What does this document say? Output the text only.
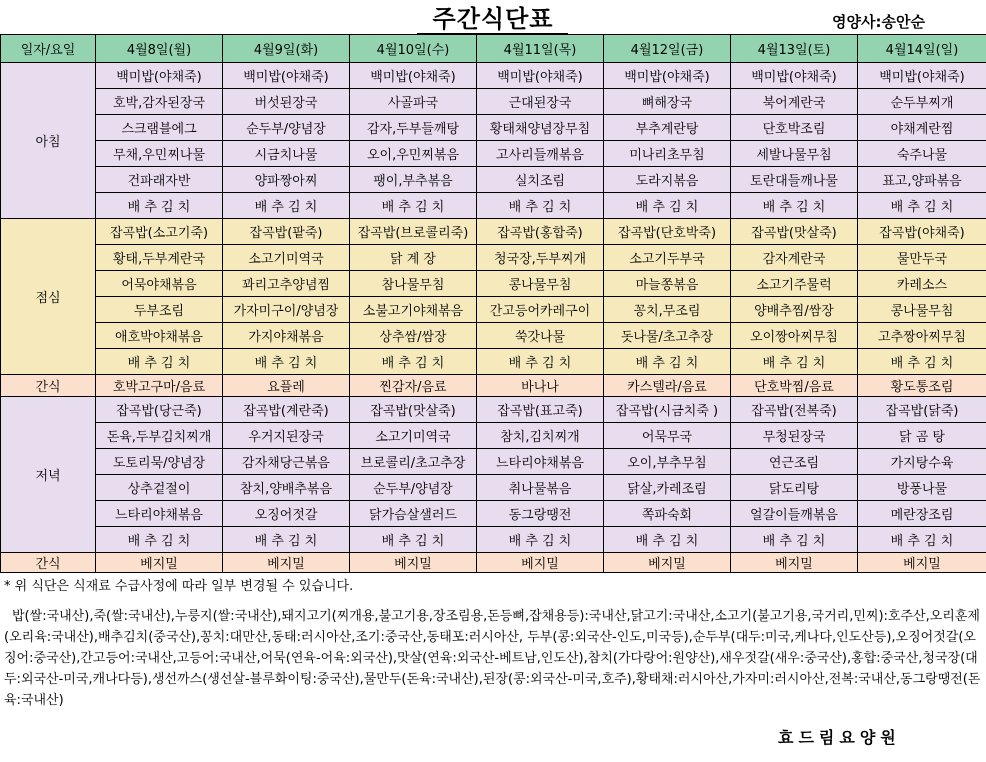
주간식단표	영양사:송안순
일자/요일	4월8일(월)	4월9일(화)	4월10일(수)	4월11일(목)	4월12일(금)	4월13일(토)	4월14일(일)
아침	백미밥(야채죽)	백미밥(야채죽)	백미밥(야채죽)	백미밥(야채죽)	백미밥(야채죽)	백미밥(야채죽)	백미밥(야채죽)
	호박,감자된장국	버섯된장국	사골파국	근대된장국	뼈해장국	북어계란국	순두부찌개
	스크램블에그	순두부/양념장	감자,두부들깨탕	황태채양념장무침	부추계란탕	단호박조림	야채계란찜
	무채,우민찌나물	시금치나물	오이,우민찌볶음	고사리들깨볶음	미나리초무침	세발나물무침	숙주나물
	건파래자반	양파짱아찌	팽이,부추볶음	실치조림	도라지볶음	토란대들깨나물	표고,양파볶음
	배 추 김 치	배 추 김 치	배 추 김 치	배 추 김 치	배 추 김 치	배 추 김 치	배 추 김 치
점심	잡곡밥(소고기죽)	잡곡밥(팥죽)	잡곡밥(브로콜리죽)	잡곡밥(홍합죽)	잡곡밥(단호박죽)	잡곡밥(맛살죽)	잡곡밥(야채죽)
	황태,두부계란국	소고기미역국	닭 계 장	청국장,두부찌개	소고기두부국	감자계란국	물만두국
	어묵야채볶음	꽈리고추양념찜	참나물무침	콩나물무침	마늘쫑볶음	소고기주물럭	카레소스
	두부조림	가자미구이/양념장	소불고기야채볶음	간고등어카레구이	꽁치,무조림	양배추찜/쌈장	콩나물무침
	애호박야채볶음	가지야채볶음	상추쌈/쌈장	쑥갓나물	돗나물/초고추장	오이짱아찌무침	고추짱아찌무침
	배 추 김 치	배 추 김 치	배 추 김 치	배 추 김 치	배 추 김 치	배 추 김 치	배 추 김 치
간식	호박고구마/음료	요플레	찐감자/음료	바나나	카스텔라/음료	단호박찜/음료	황도통조림
저녁	잡곡밥(당근죽)	잡곡밥(계란죽)	잡곡밥(맛살죽)	잡곡밥(표고죽)	잡곡밥(시금치죽 )	잡곡밥(전복죽)	잡곡밥(닭죽)
	돈육,두부김치찌개	우거지된장국	소고기미역국	참치,김치찌개	어묵무국	무청된장국	닭 곰 탕
	도토리묵/양념장	감자채당근볶음	브로콜리/초고추장	느타리야채볶음	오이,부추무침	연근조림	가지탕수육
	상추겉절이	참치,양배추볶음	순두부/양념장	취나물볶음	닭살,카레조림	닭도리탕	방풍나물
	느타리야채볶음	오징어젓갈	닭가슴살샐러드	동그랑땡전	쪽파숙회	얼갈이들깨볶음	메란장조림
	배 추 김 치	배 추 김 치	배 추 김 치	배 추 김 치	배 추 김 치	배 추 김 치	배 추 김 치
간식	베지밀	베지밀	베지밀	베지밀	베지밀	베지밀	베지밀
* 위 식단은 식재료 수급사정에 따라 일부 변경될 수 있습니다.
밥(쌀:국내산),죽(쌀:국내산),누룽지(쌀:국내산),돼지고기(찌개용,불고기용,장조림용,돈등뼈,잡채용등):국내산,닭고기:국내산,소고기(불고기용,국거리,민찌):호주산,오리훈제(오리육:국내산),배추김치(중국산),꽁치:대만산,동태:러시아산,조기:중국산,동태포:러시아산, 두부(콩:외국산-인도,미국등),순두부(대두:미국,케나다,인도산등),오징어젓갈(오징어:중국산),간고등어:국내산,고등어:국내산,어묵(연육-어육:외국산),맛살(연육:외국산-베트남,인도산),참치(가다랑어:원양산),새우젓갈(새우:중국산),홍합:중국산,청국장(대두:외국산-미국,캐나다등),생선까스(생선살-블루화이팅:중국산),물만두(돈육:국내산),된장(콩:외국산-미국,호주),황태채:러시아산,가자미:러시아산,전복:국내산,동그랑땡전(돈육:국내산)
효드림요양원
